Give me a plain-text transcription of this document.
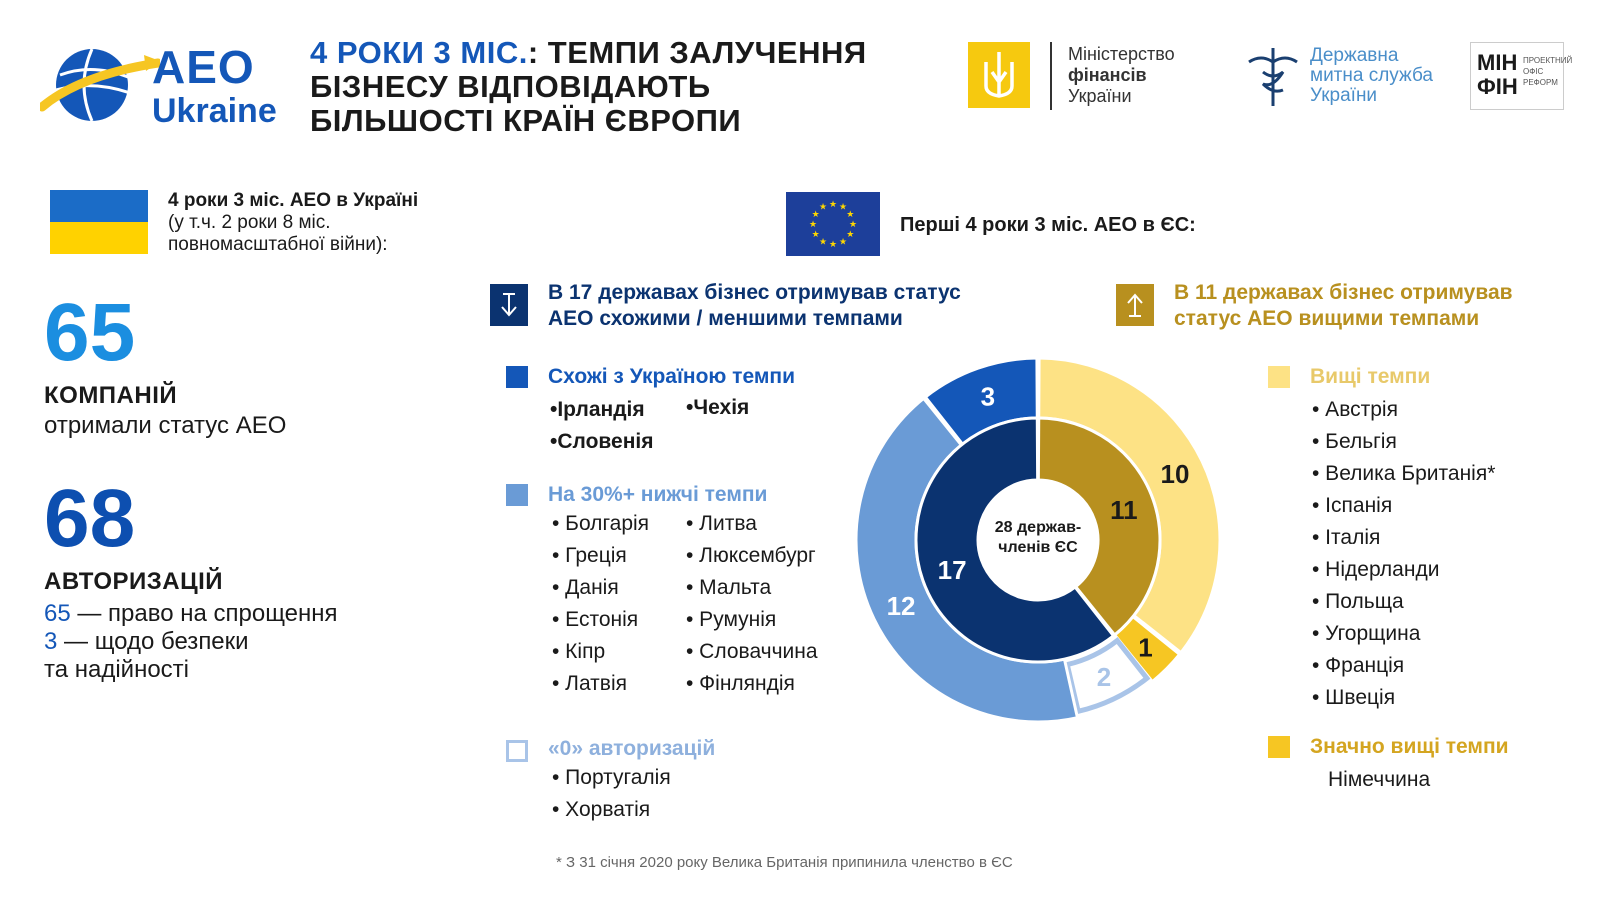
AEO
Ukraine
4 РОКИ 3 МІС.: ТЕМПИ ЗАЛУЧЕННЯ
БІЗНЕСУ ВІДПОВІДАЮТЬ
БІЛЬШОСТІ КРАЇН ЄВРОПИ
Міністерство
фінансів
України
Державна
митна служба
України
МІН
ФІН
ПРОЕКТНИЙ
ОФІС
РЕФОРМ
4 роки 3 міс. АЕО в Україні
(у т.ч. 2 роки 8 міс.
повномасштабної війни):
65
КОМПАНІЙ
отримали статус АЕО
68
АВТОРИЗАЦІЙ
65 — право на спрощення
3 — щодо безпеки
та надійності
★ ★
★
★
★
★
★
★
★
★
★
★
Перші 4 роки 3 міс. АЕО в ЄС:
В 17 державах бізнес отримував статус
АЕО схожими / меншими темпами
В 11 державах бізнес отримував
статус АЕО вищими темпами
Схожі з Україною темпи
•Ірландія •Чехія
•Словенія
На 30%+ нижчі темпи
• Болгарія
• Греція
• Данія
• Естонія
• Кіпр
• Латвія
• Литва
• Люксембург
• Мальта
• Румунія
• Словаччина
• Фінляндія
«0» авторизацій
• Португалія
• Хорватія
10
1
2
12
3
11
17
28 держав-
членів ЄС
Вищі темпи
• Австрія
• Бельгія
• Велика Британія*
• Іспанія
• Італія
• Нідерланди
• Польща
• Угорщина
• Франція
• Швеція
Значно вищі темпи
Німеччина
* З 31 січня 2020 року Велика Британія припинила членство в ЄС
